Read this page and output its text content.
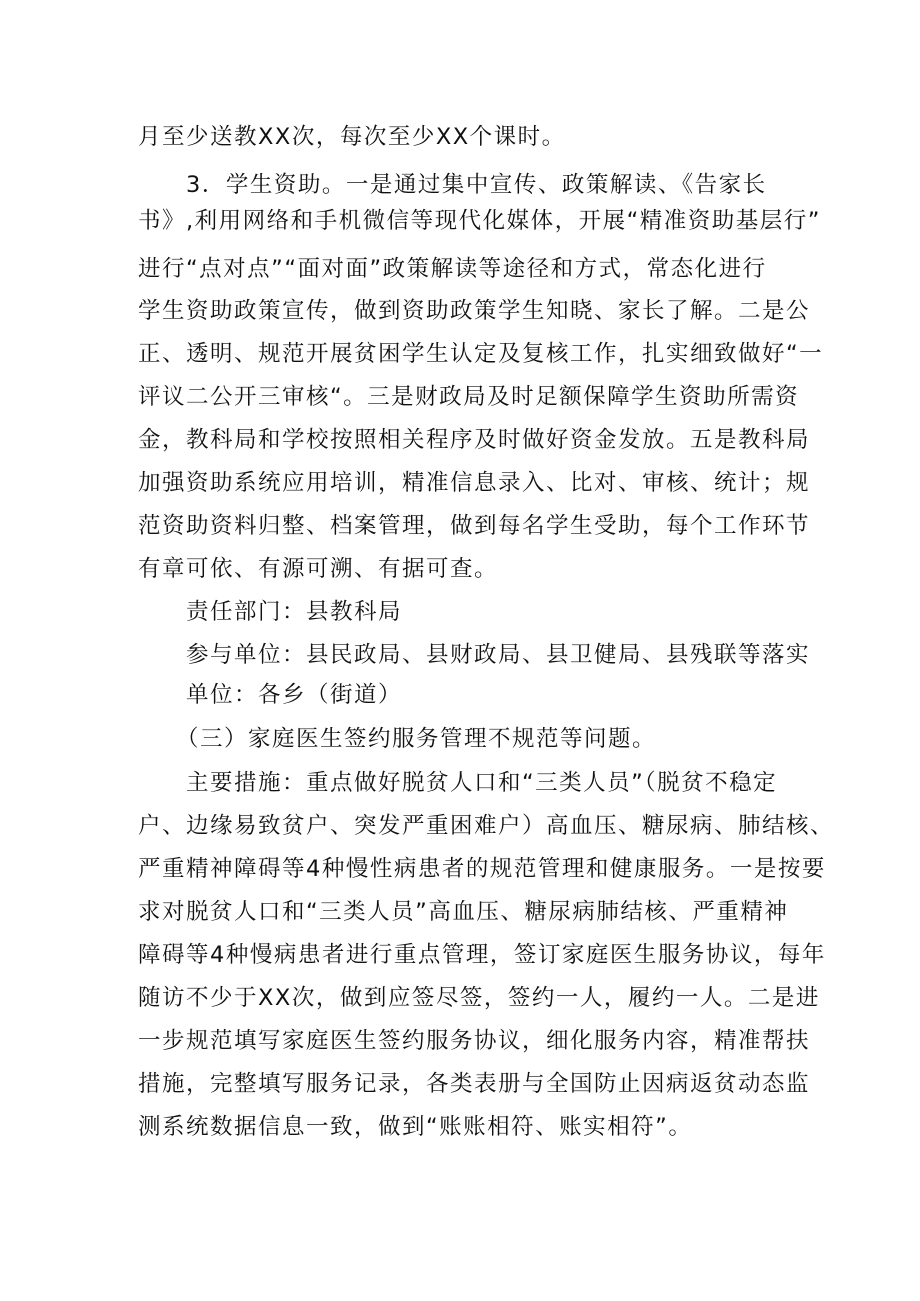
月至少送教XX次，每次至少XX个课时。
3．学生资助。一是通过集中宣传、政策解读、《告家长
书》,利用网络和手机微信等现代化媒体，开展“精准资助基层行”
进行“点对点”“面对面”政策解读等途径和方式，常态化进行
学生资助政策宣传，做到资助政策学生知晓、家长了解。二是公
正、透明、规范开展贫困学生认定及复核工作，扎实细致做好“一
评议二公开三审核“。三是财政局及时足额保障学生资助所需资
金，教科局和学校按照相关程序及时做好资金发放。五是教科局
加强资助系统应用培训，精准信息录入、比对、审核、统计；规
范资助资料归整、档案管理，做到每名学生受助，每个工作环节
有章可依、有源可溯、有据可查。
责任部门：县教科局
参与单位：县民政局、县财政局、县卫健局、县残联等落实
单位：各乡（街道）
（三）家庭医生签约服务管理不规范等问题。
主要措施：重点做好脱贫人口和“三类人员”（脱贫不稳定
户、边缘易致贫户、突发严重困难户）高血压、糖尿病、肺结核、
严重精神障碍等4种慢性病患者的规范管理和健康服务。一是按要
求对脱贫人口和“三类人员”高血压、糖尿病肺结核、严重精神
障碍等4种慢病患者进行重点管理，签订家庭医生服务协议，每年
随访不少于XX次，做到应签尽签，签约一人，履约一人。二是进
一步规范填写家庭医生签约服务协议，细化服务内容，精准帮扶
措施，完整填写服务记录，各类表册与全国防止因病返贫动态监
测系统数据信息一致，做到“账账相符、账实相符”。
